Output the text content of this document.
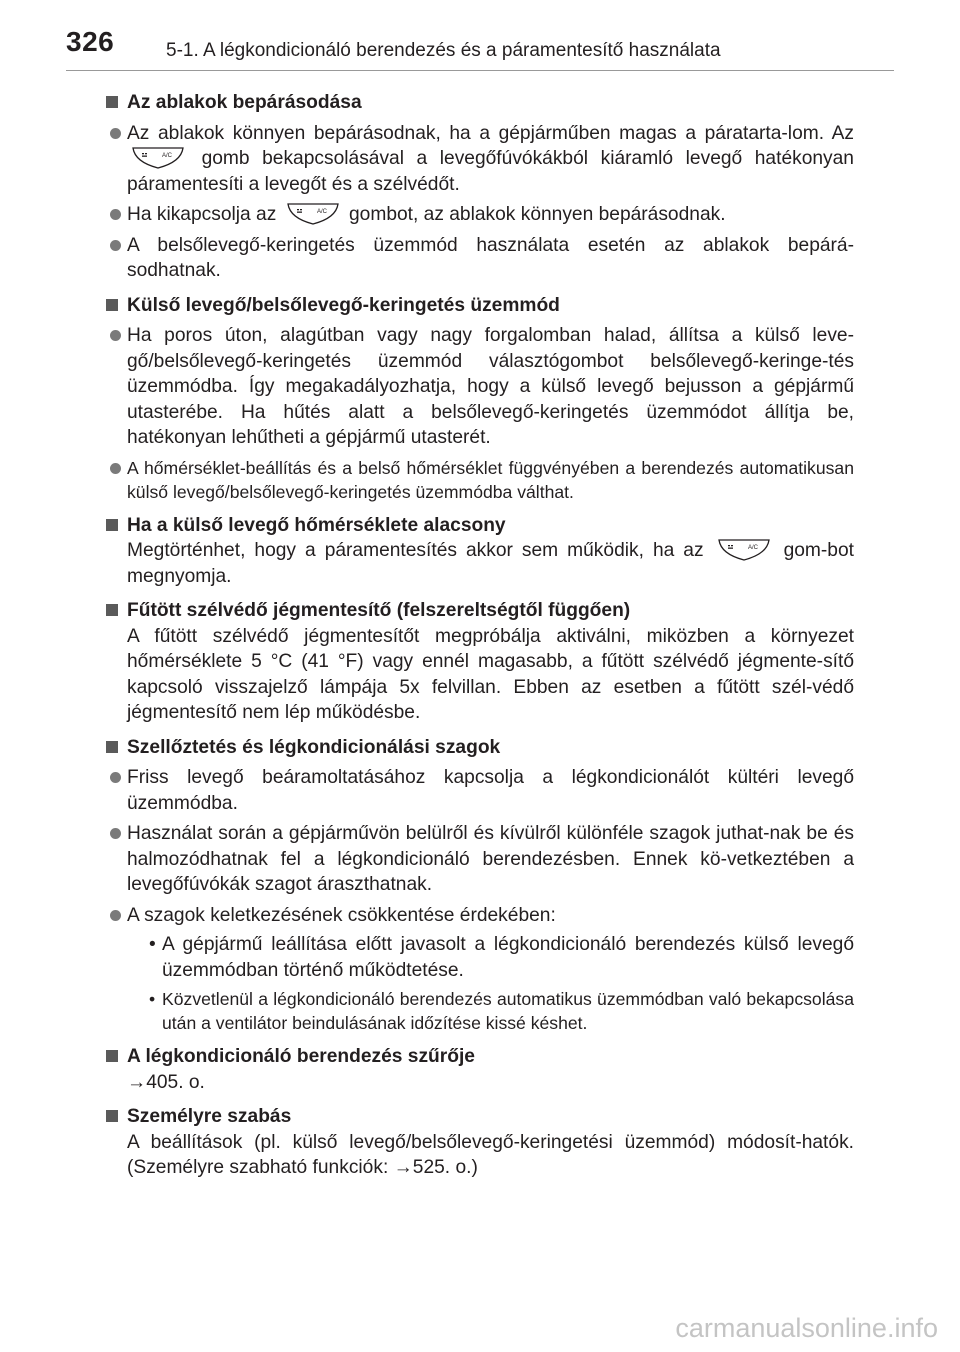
326	5-1. A légkondicionáló berendezés és a páramentesítő használata
Az ablakok bepárásodása
Az ablakok könnyen bepárásodnak, ha a gépjárműben magas a páratarta-lom. Az
A/C gomb bekapcsolásával a levegőfúvókákból kiáramló levegő hatékonyan páramentesíti a levegőt és a szélvédőt.
Ha kikapcsolja az	A/C gombot, az ablakok könnyen bepárásodnak.
A belsőlevegő-keringetés üzemmód használata esetén az ablakok bepárá-sodhatnak.
Külső levegő/belsőlevegő-keringetés üzemmód
Ha poros úton, alagútban vagy nagy forgalomban halad, állítsa a külső leve-gő/belsőlevegő-keringetés üzemmód választógombot belsőlevegő-keringe-tés üzemmódba. Így megakadályozhatja, hogy a külső levegő bejusson a gépjármű utasterébe. Ha hűtés alatt a belsőlevegő-keringetés üzemmódot állítja be, hatékonyan lehűtheti a gépjármű utasterét.
A hőmérséklet-beállítás és a belső hőmérséklet függvényében a berendezés automatikusan külső levegő/belsőlevegő-keringetés üzemmódba válthat.
Ha a külső levegő hőmérséklete alacsony
Megtörténhet, hogy a páramentesítés akkor sem működik, ha az	A/C gom-bot megnyomja.
Fűtött szélvédő jégmentesítő (felszereltségtől függően)
A fűtött szélvédő jégmentesítőt megpróbálja aktiválni, miközben a környezet hőmérséklete 5 °C (41 °F) vagy ennél magasabb, a fűtött szélvédő jégmente-sítő kapcsoló visszajelző lámpája 5x felvillan. Ebben az esetben a fűtött szél-védő jégmentesítő nem lép működésbe.
Szellőztetés és légkondicionálási szagok
Friss levegő beáramoltatásához kapcsolja a légkondicionálót kültéri levegő üzemmódba.
Használat során a gépjárművön belülről és kívülről különféle szagok juthat-nak be és halmozódhatnak fel a légkondicionáló berendezésben. Ennek kö-vetkeztében a levegőfúvókák szagot áraszthatnak.
A szagok keletkezésének csökkentése érdekében:
• A gépjármű leállítása előtt javasolt a légkondicionáló berendezés külső levegő üzemmódban történő működtetése.
• Közvetlenül a légkondicionáló berendezés automatikus üzemmódban való bekapcsolása után a ventilátor beindulásának időzítése kissé késhet.
A légkondicionáló berendezés szűrője
→405. o.
Személyre szabás
A beállítások (pl. külső levegő/belsőlevegő-keringetési üzemmód) módosít-hatók. (Személyre szabható funkciók: →525. o.)
carmanualsonline.info
